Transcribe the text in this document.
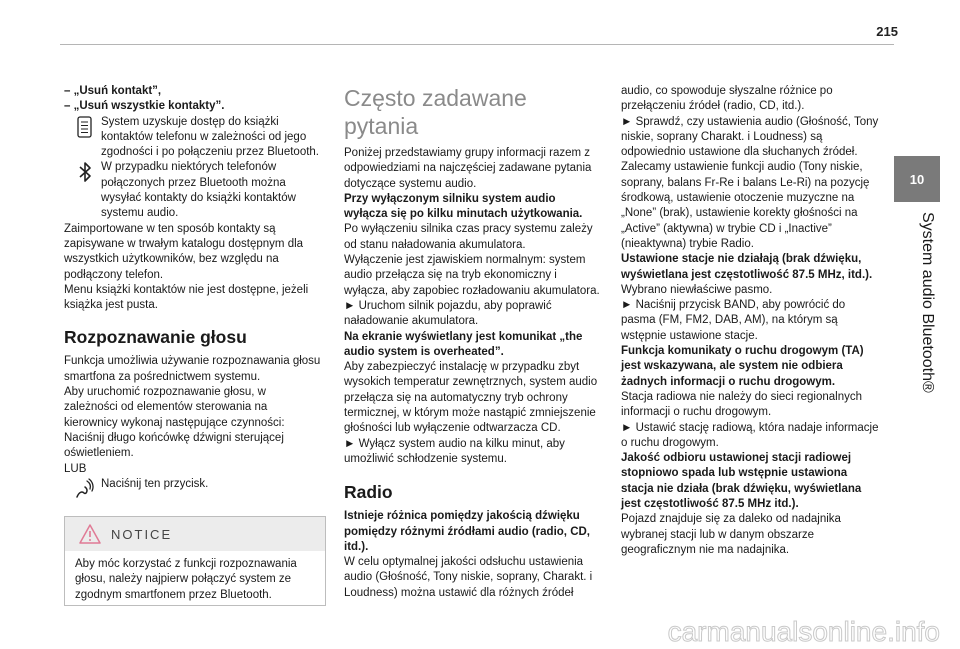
215
10
System audio Bluetooth®

– „Usuń kontakt”,

– „Usuń wszystkie kontakty”.

System uzyskuje dostęp do książki kontaktów telefonu w zależności od jego zgodności i po połączeniu przez Bluetooth.

W przypadku niektórych telefonów połączonych przez Bluetooth można wysyłać kontakty do książki kontaktów systemu audio.

Zaimportowane w ten sposób kontakty są zapisywane w trwałym katalogu dostępnym dla wszystkich użytkowników, bez względu na podłączony telefon.

Menu książki kontaktów nie jest dostępne, jeżeli książka jest pusta.

Rozpoznawanie głosu

Funkcja umożliwia używanie rozpoznawania głosu smartfona za pośrednictwem systemu.

Aby uruchomić rozpoznawanie głosu, w zależności od elementów sterowania na kierownicy wykonaj następujące czynności:

Naciśnij długo końcówkę dźwigni sterującej oświetleniem.

LUB

Naciśnij ten przycisk.

NOTICE
Aby móc korzystać z funkcji rozpoznawania głosu, należy najpierw połączyć system ze zgodnym smartfonem przez Bluetooth.
Często zadawane pytania

Poniżej przedstawiamy grupy informacji razem z odpowiedziami na najczęściej zadawane pytania dotyczące systemu audio.

Przy wyłączonym silniku system audio wyłącza się po kilku minutach użytkowania.

Po wyłączeniu silnika czas pracy systemu zależy od stanu naładowania akumulatora.

Wyłączenie jest zjawiskiem normalnym: system audio przełącza się na tryb ekonomiczny i wyłącza, aby zapobiec rozładowaniu akumulatora.

► Uruchom silnik pojazdu, aby poprawić naładowanie akumulatora.

Na ekranie wyświetlany jest komunikat „the audio system is overheated”.

Aby zabezpieczyć instalację w przypadku zbyt wysokich temperatur zewnętrznych, system audio przełącza się na automatyczny tryb ochrony termicznej, w którym może nastąpić zmniejszenie głośności lub wyłączenie odtwarzacza CD.

► Wyłącz system audio na kilku minut, aby umożliwić schłodzenie systemu.

Radio

Istnieje różnica pomiędzy jakością dźwięku pomiędzy różnymi źródłami audio (radio, CD, itd.).

W celu optymalnej jakości odsłuchu ustawienia audio (Głośność, Tony niskie, soprany, Charakt. i Loudness) można ustawić dla różnych źródeł

audio, co spowoduje słyszalne różnice po przełączeniu źródeł (radio, CD, itd.).

► Sprawdź, czy ustawienia audio (Głośność, Tony niskie, soprany Charakt. i Loudness) są odpowiednio ustawione dla słuchanych źródeł. Zalecamy ustawienie funkcji audio (Tony niskie, soprany, balans Fr-Re i balans Le-Ri) na pozycję środkową, ustawienie otoczenie muzyczne na „None” (brak), ustawienie korekty głośności na „Active” (aktywna) w trybie CD i „Inactive” (nieaktywna) trybie Radio.

Ustawione stacje nie działają (brak dźwięku, wyświetlana jest częstotliwość 87.5 MHz, itd.).

Wybrano niewłaściwe pasmo.

► Naciśnij przycisk BAND, aby powrócić do pasma (FM, FM2, DAB, AM), na którym są wstępnie ustawione stacje.

Funkcja komunikaty o ruchu drogowym (TA) jest wskazywana, ale system nie odbiera żadnych informacji o ruchu drogowym.

Stacja radiowa nie należy do sieci regionalnych informacji o ruchu drogowym.

► Ustawić stację radiową, która nadaje informacje o ruchu drogowym.

Jakość odbioru ustawionej stacji radiowej stopniowo spada lub wstępnie ustawiona stacja nie działa (brak dźwięku, wyświetlana jest częstotliwość 87.5 MHz itd.).

Pojazd znajduje się za daleko od nadajnika wybranej stacji lub w danym obszarze geograficznym nie ma nadajnika.

carmanualsonline.info
